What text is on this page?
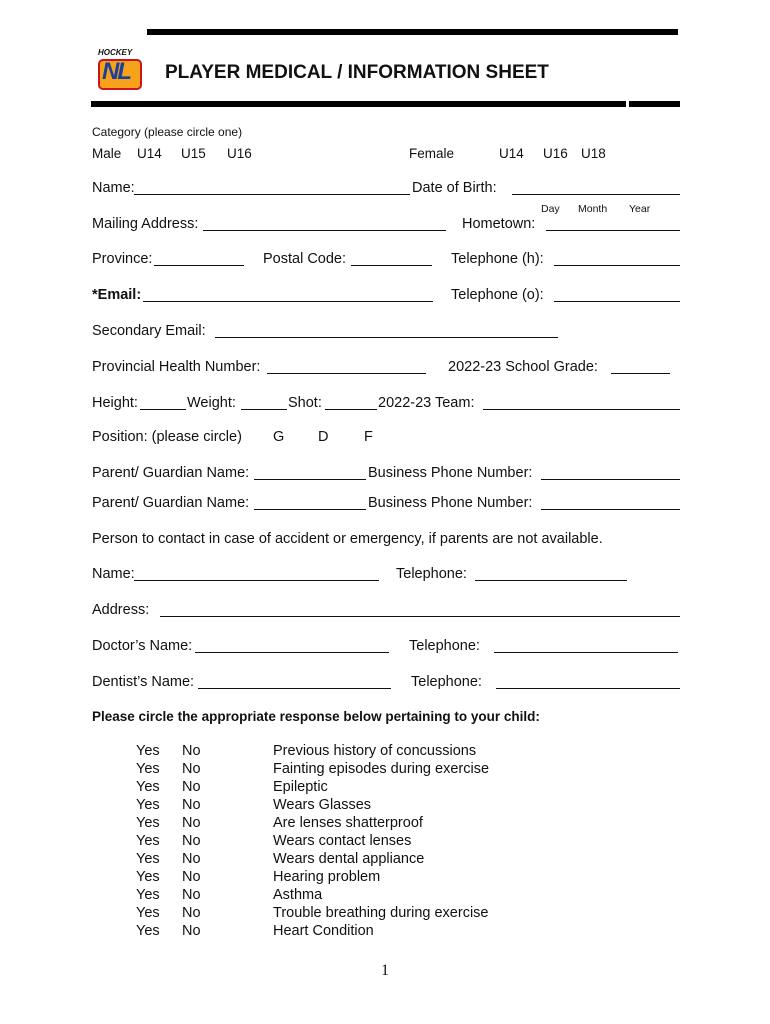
HOCKEY
NL PLAYER MEDICAL / INFORMATION SHEET
Category (please circle one)
Male U14 U15 U16	Female	U14 U16 U18
Name:	Date of Birth:
Day Month Year
Mailing Address:	Hometown:
Province:	Postal Code:	Telephone (h):
*Email:	Telephone (o):
Secondary Email:
Provincial Health Number:	2022-23 School Grade:
Height:	Weight:	Shot:	2022-23 Team:
Position: (please circle) G D F
Parent/ Guardian Name:	Business Phone Number:
Parent/ Guardian Name:	Business Phone Number:
Person to contact in case of accident or emergency, if parents are not available.
Name:	Telephone:
Address:
Doctor’s Name:	Telephone:
Dentist’s Name:	Telephone:
Please circle the appropriate response below pertaining to your child:
Yes No	Previous history of concussions
Yes No	Fainting episodes during exercise
Yes No	Epileptic
Yes No	Wears Glasses
Yes No	Are lenses shatterproof
Yes No	Wears contact lenses
Yes No	Wears dental appliance
Yes No	Hearing problem
Yes No	Asthma
Yes No	Trouble breathing during exercise
Yes No	Heart Condition
1
